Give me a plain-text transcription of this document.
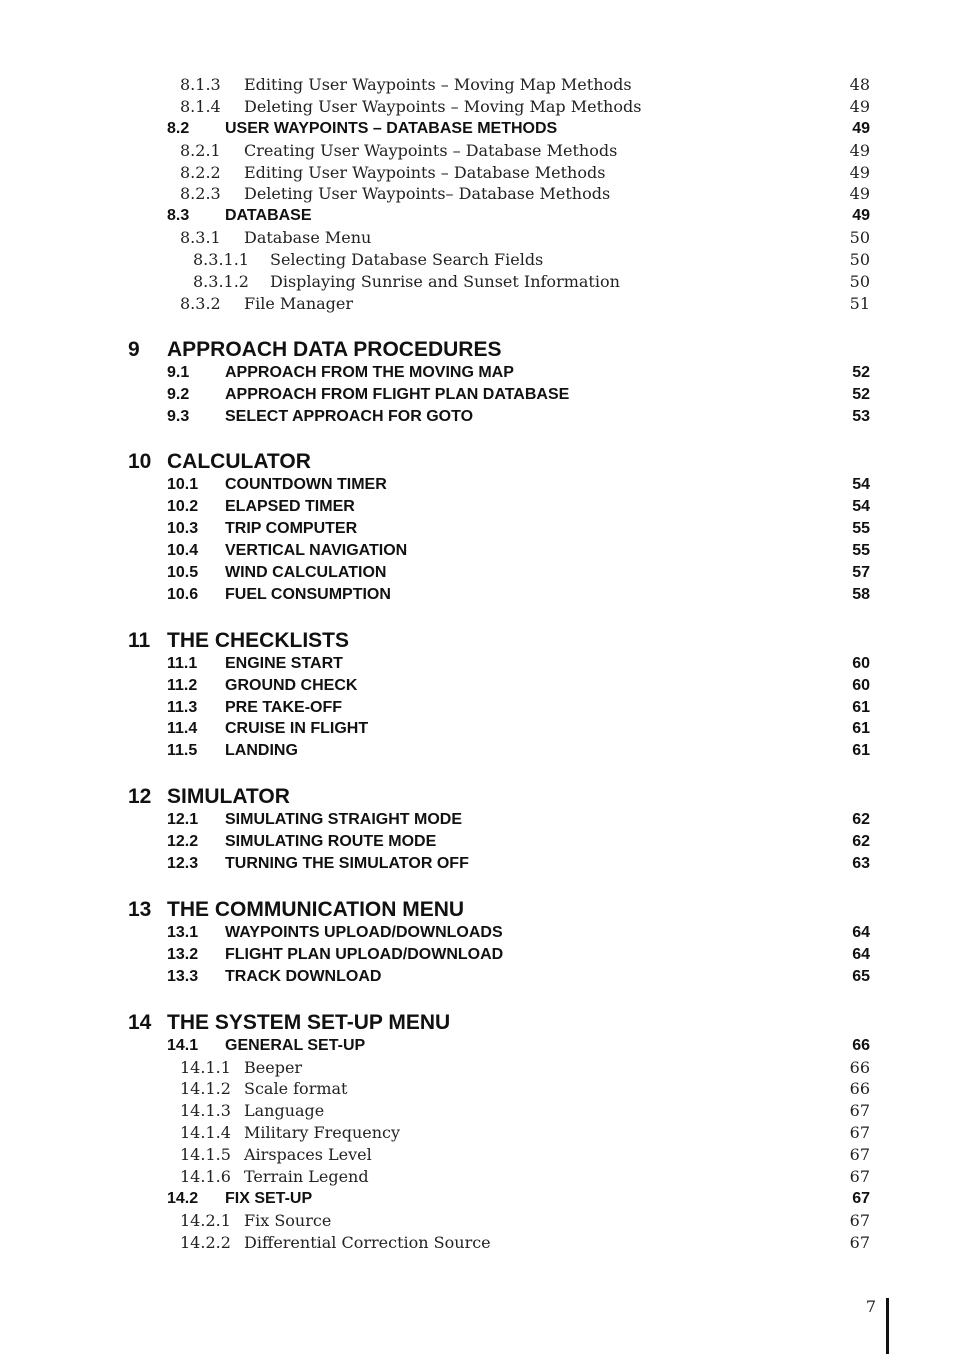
8.1.3 Editing User Waypoints – Moving Map Methods	48
8.1.4 Deleting User Waypoints – Moving Map Methods	49
8.2 USER WAYPOINTS – DATABASE METHODS	49
8.2.1 Creating User Waypoints – Database Methods	49
8.2.2 Editing User Waypoints – Database Methods	49
8.2.3 Deleting User Waypoints– Database Methods	49
8.3 DATABASE	49
8.3.1 Database Menu	50
8.3.1.1 Selecting Database Search Fields	50
8.3.1.2 Displaying Sunrise and Sunset Information	50
8.3.2 File Manager	51
9 APPROACH DATA PROCEDURES
9.1 APPROACH FROM THE MOVING MAP	52
9.2 APPROACH FROM FLIGHT PLAN DATABASE	52
9.3 SELECT APPROACH FOR GOTO	53
10 CALCULATOR
10.1 COUNTDOWN TIMER	54
10.2 ELAPSED TIMER	54
10.3 TRIP COMPUTER	55
10.4 VERTICAL NAVIGATION	55
10.5 WIND CALCULATION	57
10.6 FUEL CONSUMPTION	58
11 THE CHECKLISTS
11.1 ENGINE START	60
11.2 GROUND CHECK	60
11.3 PRE TAKE-OFF	61
11.4 CRUISE IN FLIGHT	61
11.5 LANDING	61
12 SIMULATOR
12.1 SIMULATING STRAIGHT MODE	62
12.2 SIMULATING ROUTE MODE	62
12.3 TURNING THE SIMULATOR OFF	63
13 THE COMMUNICATION MENU
13.1 WAYPOINTS UPLOAD/DOWNLOADS	64
13.2 FLIGHT PLAN UPLOAD/DOWNLOAD	64
13.3 TRACK DOWNLOAD	65
14 THE SYSTEM SET-UP MENU
14.1 GENERAL SET-UP	66
14.1.1 Beeper	66
14.1.2 Scale format	66
14.1.3 Language	67
14.1.4 Military Frequency	67
14.1.5 Airspaces Level	67
14.1.6 Terrain Legend	67
14.2 FIX SET-UP	67
14.2.1 Fix Source	67
14.2.2 Differential Correction Source	67
7
